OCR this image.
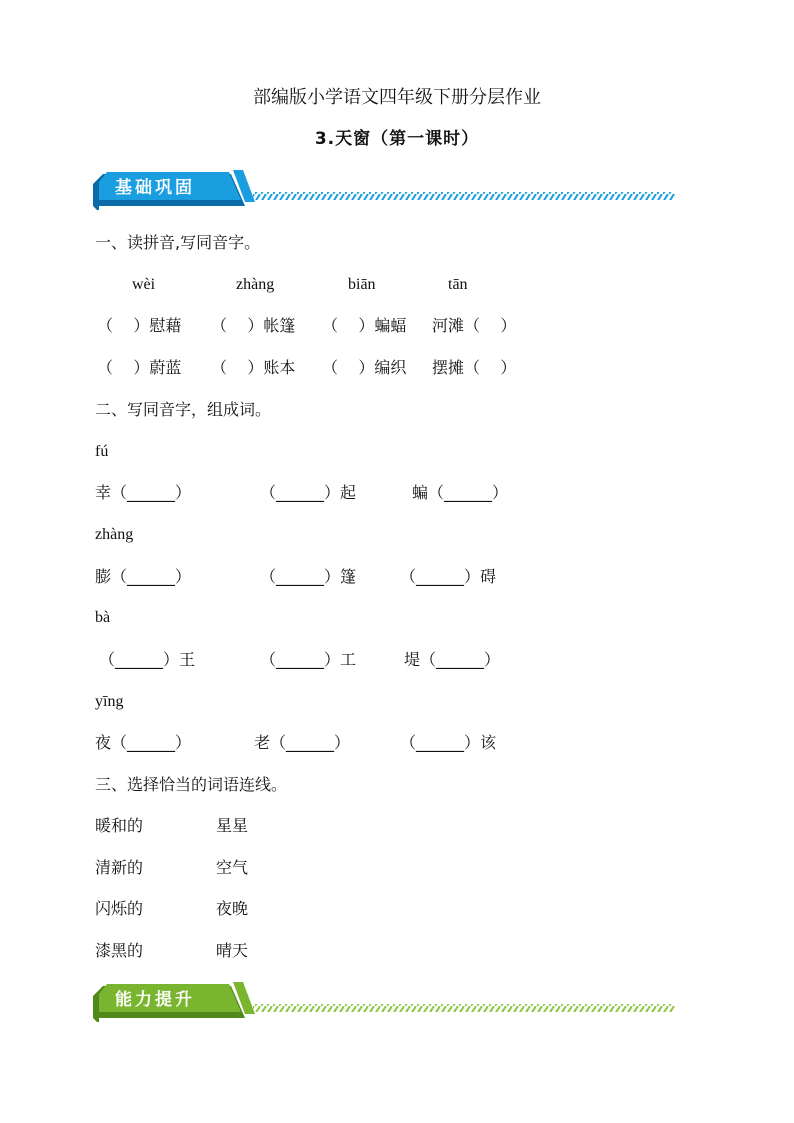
部编版小学语文四年级下册分层作业
3.天窗（第一课时）
基础巩固
一、读拼音,写同音字。
wèi	zhàng	biān	tān
（    ）慰藉 （    ）帐篷 （    ）蝙蝠 河滩（    ）
（    ）蔚蓝 （    ）账本 （    ）编织 摆摊（    ）
二、写同音字，组成词。
fú
幸（______）	（______）起	蝙（______）
zhàng
膨（______）	（______）篷	（______）碍
bà
（______）王	（______）工	堤（______）
yīng
夜（______）	老（______）	（______）该
三、选择恰当的词语连线。
暖和的	星星
清新的	空气
闪烁的	夜晚
漆黑的	晴天
能力提升
